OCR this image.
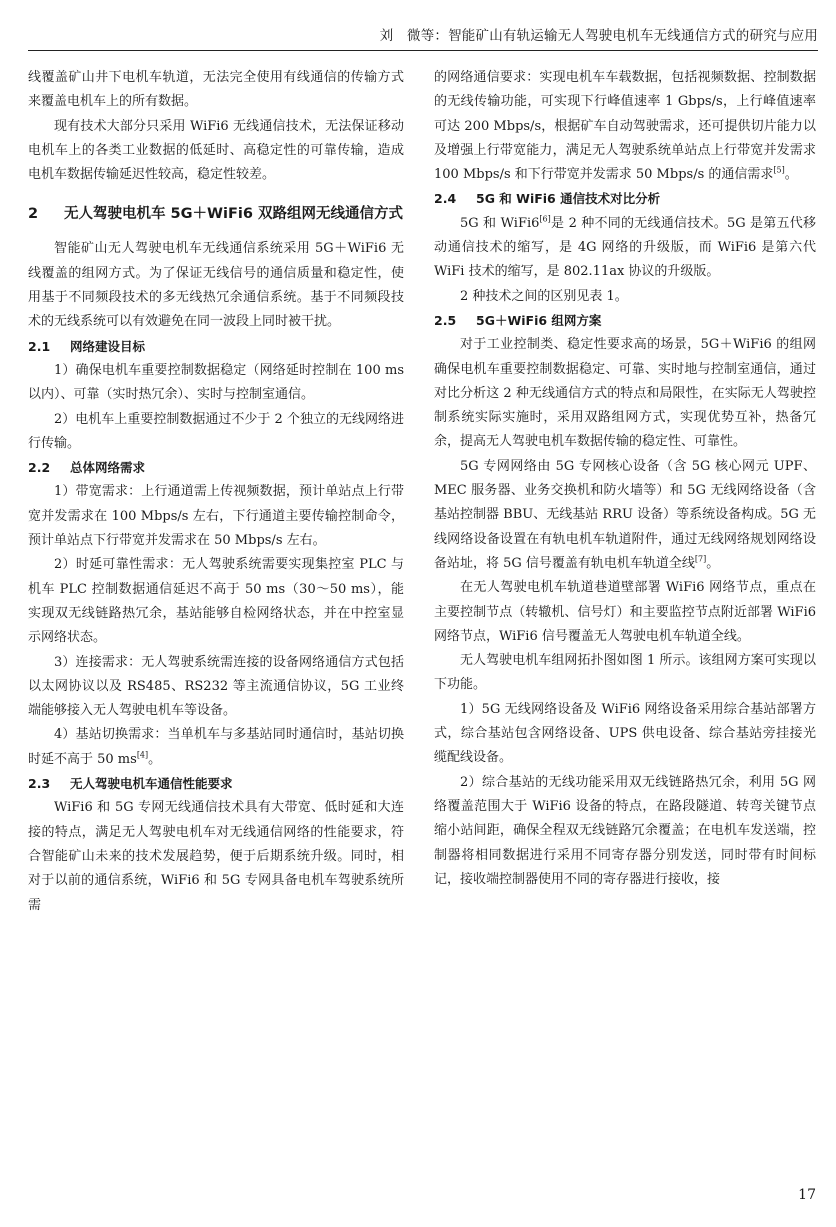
刘　微等：智能矿山有轨运输无人驾驶电机车无线通信方式的研究与应用

线覆盖矿山井下电机车轨道，无法完全使用有线通信的传输方式来覆盖电机车上的所有数据。

现有技术大部分只采用 WiFi6 无线通信技术，无法保证移动电机车上的各类工业数据的低延时、高稳定性的可靠传输，造成电机车数据传输延迟性较高，稳定性较差。

2	无人驾驶电机车 5G＋WiFi6 双路组网无线通信方式

智能矿山无人驾驶电机车无线通信系统采用 5G＋WiFi6 无线覆盖的组网方式。为了保证无线信号的通信质量和稳定性，使用基于不同频段技术的多无线热冗余通信系统。基于不同频段技术的无线系统可以有效避免在同一波段上同时被干扰。

2.1 网络建设目标

1）确保电机车重要控制数据稳定（网络延时控制在 100 ms 以内）、可靠（实时热冗余）、实时与控制室通信。

2）电机车上重要控制数据通过不少于 2 个独立的无线网络进行传输。

2.2 总体网络需求

1）带宽需求：上行通道需上传视频数据，预计单站点上行带宽并发需求在 100 Mbps/s 左右，下行通道主要传输控制命令，预计单站点下行带宽并发需求在 50 Mbps/s 左右。

2）时延可靠性需求：无人驾驶系统需要实现集控室 PLC 与机车 PLC 控制数据通信延迟不高于 50 ms（30～50 ms），能实现双无线链路热冗余，基站能够自检网络状态，并在中控室显示网络状态。

3）连接需求：无人驾驶系统需连接的设备网络通信方式包括以太网协议以及 RS485、RS232 等主流通信协议，5G 工业终端能够接入无人驾驶电机车等设备。

4）基站切换需求：当单机车与多基站同时通信时，基站切换时延不高于 50 ms[4]。

2.3 无人驾驶电机车通信性能要求

WiFi6 和 5G 专网无线通信技术具有大带宽、低时延和大连接的特点，满足无人驾驶电机车对无线通信网络的性能要求，符合智能矿山未来的技术发展趋势，便于后期系统升级。同时，相对于以前的通信系统，WiFi6 和 5G 专网具备电机车驾驶系统所需

的网络通信要求：实现电机车车载数据，包括视频数据、控制数据的无线传输功能，可实现下行峰值速率 1 Gbps/s，上行峰值速率可达 200 Mbps/s，根据矿车自动驾驶需求，还可提供切片能力以及增强上行带宽能力，满足无人驾驶系统单站点上行带宽并发需求 100 Mbps/s 和下行带宽并发需求 50 Mbps/s 的通信需求[5]。

2.4 5G 和 WiFi6 通信技术对比分析

5G 和 WiFi6[6]是 2 种不同的无线通信技术。5G 是第五代移动通信技术的缩写，是 4G 网络的升级版，而 WiFi6 是第六代 WiFi 技术的缩写，是 802.11ax 协议的升级版。

2 种技术之间的区别见表 1。

2.5 5G＋WiFi6 组网方案

对于工业控制类、稳定性要求高的场景，5G＋WiFi6 的组网确保电机车重要控制数据稳定、可靠、实时地与控制室通信，通过对比分析这 2 种无线通信方式的特点和局限性，在实际无人驾驶控制系统实际实施时，采用双路组网方式，实现优势互补，热备冗余，提高无人驾驶电机车数据传输的稳定性、可靠性。

5G 专网网络由 5G 专网核心设备（含 5G 核心网元 UPF、MEC 服务器、业务交换机和防火墙等）和 5G 无线网络设备（含基站控制器 BBU、无线基站 RRU 设备）等系统设备构成。5G 无线网络设备设置在有轨电机车轨道附件，通过无线网络规划网络设备站址，将 5G 信号覆盖有轨电机车轨道全线[7]。

在无人驾驶电机车轨道巷道壁部署 WiFi6 网络节点，重点在主要控制节点（转辙机、信号灯）和主要监控节点附近部署 WiFi6 网络节点，WiFi6 信号覆盖无人驾驶电机车轨道全线。

无人驾驶电机车组网拓扑图如图 1 所示。该组网方案可实现以下功能。

1）5G 无线网络设备及 WiFi6 网络设备采用综合基站部署方式，综合基站包含网络设备、UPS 供电设备、综合基站旁挂接光缆配线设备。

2）综合基站的无线功能采用双无线链路热冗余，利用 5G 网络覆盖范围大于 WiFi6 设备的特点，在路段隧道、转弯关键节点缩小站间距，确保全程双无线链路冗余覆盖；在电机车发送端，控制器将相同数据进行采用不同寄存器分别发送，同时带有时间标记，接收端控制器使用不同的寄存器进行接收，接

17
